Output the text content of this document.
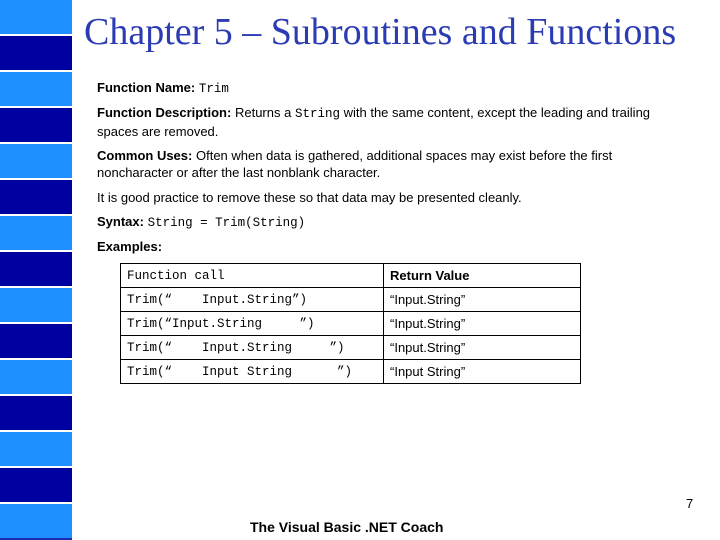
Chapter 5 – Subroutines and Functions
Function Name: Trim
Function Description: Returns a String with the same content, except the leading and trailing spaces are removed.
Common Uses: Often when data is gathered, additional spaces may exist before the first noncharacter or after the last nonblank character.
It is good practice to remove these so that data may be presented cleanly.
Syntax: String = Trim(String)
Examples:
Function call	Return Value
Trim(“    Input.String”)	“Input.String”
Trim(“Input.String     ”)	“Input.String”
Trim(“    Input.String     ”)	“Input.String”
Trim(“    Input String      ”)	“Input String”
7
The Visual Basic .NET Coach
